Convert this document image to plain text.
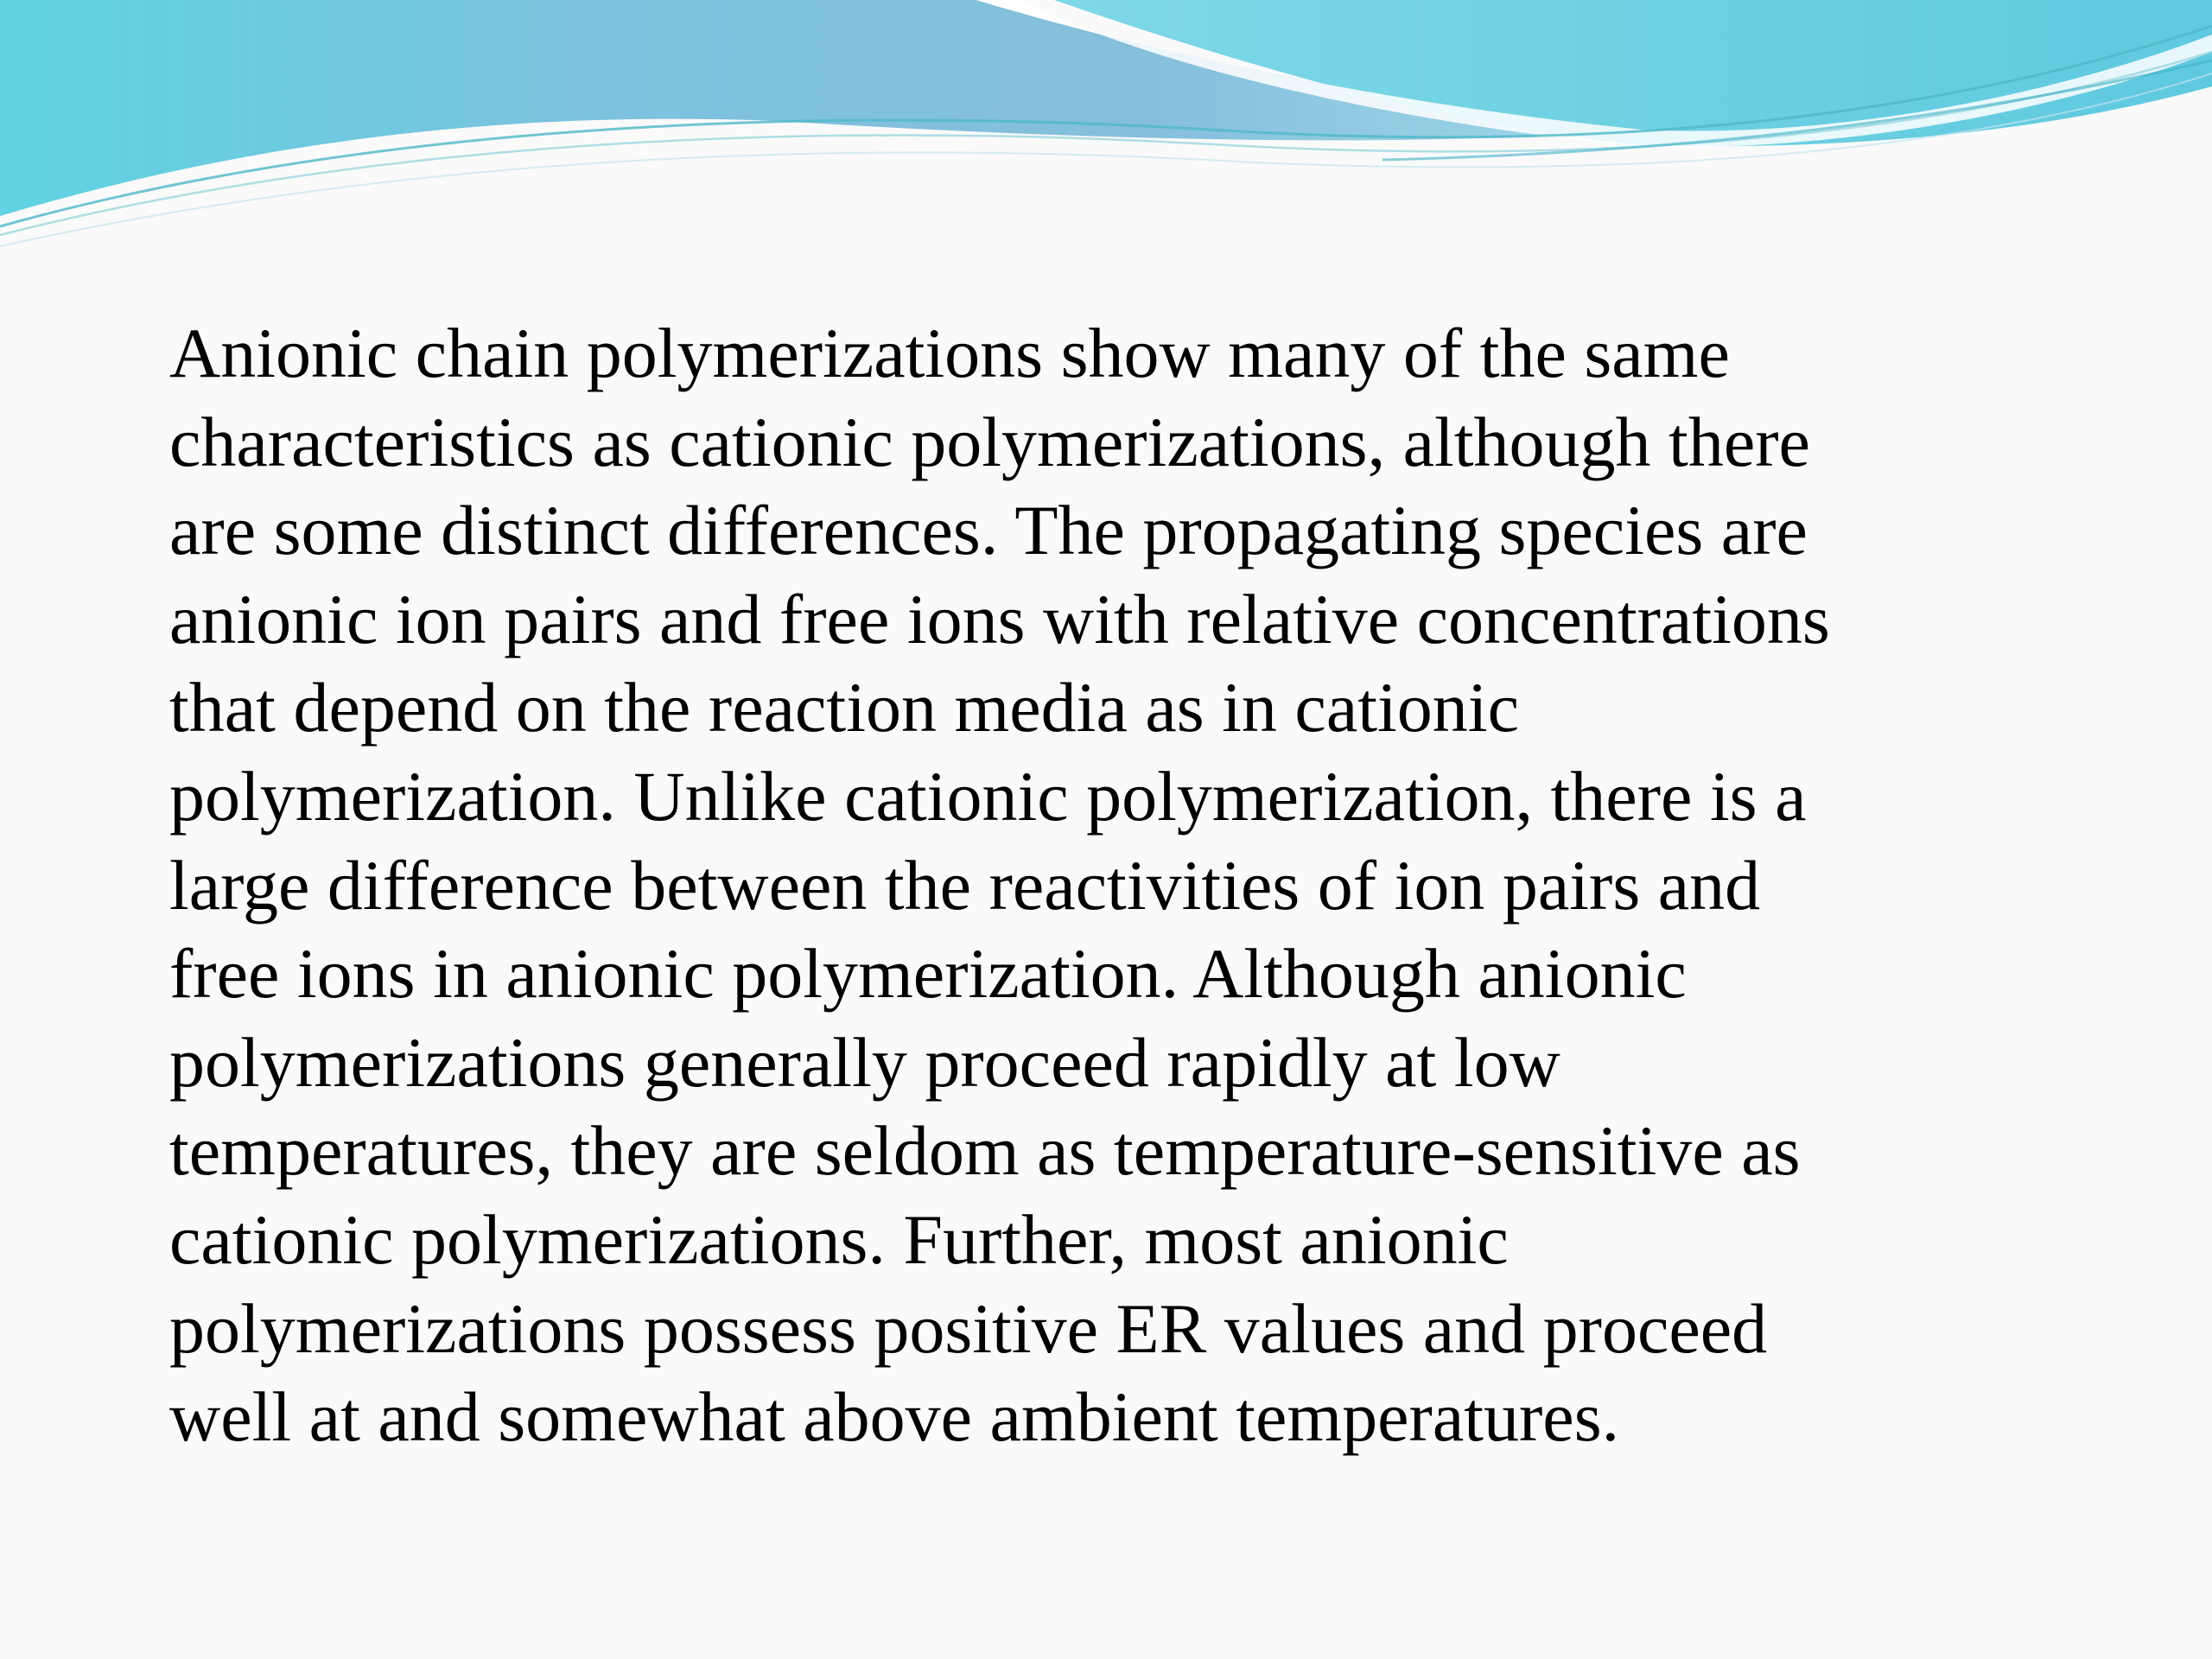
Anionic chain polymerizations show many of the same
characteristics as cationic polymerizations, although there
are some distinct differences. The propagating species are
anionic ion pairs and free ions with relative concentrations
that depend on the reaction media as in cationic
polymerization. Unlike cationic polymerization, there is a
large difference between the reactivities of ion pairs and
free ions in anionic polymerization. Although anionic
polymerizations generally proceed rapidly at low
temperatures, they are seldom as temperature-sensitive as
cationic polymerizations. Further, most anionic
polymerizations possess positive ER values and proceed
well at and somewhat above ambient temperatures.
